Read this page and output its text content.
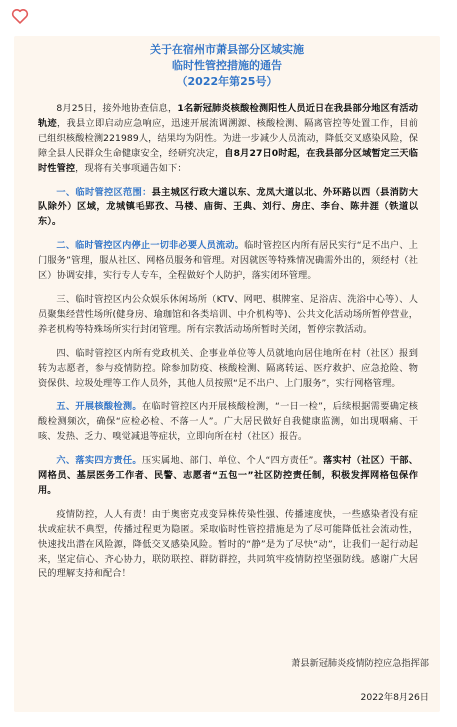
关于在宿州市萧县部分区域实施
临时性管控措施的通告
（2022年第25号）

8月25日，接外地协查信息，1名新冠肺炎核酸检测阳性人员近日在我县部分地区有活动轨迹，我县立即启动应急响应，迅速开展流调溯源、核酸检测、隔离管控等处置工作，目前已组织核酸检测221989人，结果均为阴性。为进一步减少人员流动，降低交叉感染风险，保障全县人民群众生命健康安全，经研究决定，自8月27日0时起，在我县部分区域暂定三天临时性管控，现将有关事项通告如下：

一、临时管控区范围：县主城区行政大道以东、龙凤大道以北、外环路以西（县消防大队除外）区域，龙城镇毛郢孜、马楼、庙街、王典、刘行、房庄、李台、陈井涯（铁道以东）。

二、临时管控区内停止一切非必要人员流动。临时管控区内所有居民实行“足不出户、上门服务”管理，服从社区、网格员服务和管理。对因就医等特殊情况确需外出的，须经村（社区）协调安排，实行专人专车，全程做好个人防护，落实闭环管理。

三、临时管控区内公众娱乐休闲场所（KTV、网吧、棋牌室、足浴店、洗浴中心等）、人员聚集经营性场所(健身房、瑜珈馆和各类培训、中介机构等)、公共文化活动场所暂停营业，养老机构等特殊场所实行封闭管理。所有宗教活动场所暂时关闭，暂停宗教活动。

四、临时管控区内所有党政机关、企事业单位等人员就地向居住地所在村（社区）报到转为志愿者，参与疫情防控。除参加防疫、核酸检测、隔离转运、医疗救护、应急抢险、物资保供、垃圾处理等工作人员外，其他人员按照“足不出户、上门服务”，实行网格管理。

五、开展核酸检测。在临时管控区内开展核酸检测，“一日一检”，后续根据需要确定核酸检测频次，确保“应检必检、不落一人”。广大居民做好自我健康监测，如出现咽痛、干咳、发热、乏力、嗅觉减退等症状，立即向所在村（社区）报告。

六、落实四方责任。压实属地、部门、单位、个人“四方责任”。落实村（社区）干部、网格员、基层医务工作者、民警、志愿者“五包一”社区防控责任制，积极发挥网格包保作用。

疫情防控，人人有责！由于奥密克戎变异株传染性强、传播速度快，一些感染者没有症状或症状不典型，传播过程更为隐匿。采取临时性管控措施是为了尽可能降低社会流动性，快速找出潜在风险源，降低交叉感染风险。暂时的“静”是为了尽快“动”，让我们一起行动起来，坚定信心、齐心协力，联防联控、群防群控，共同筑牢疫情防控坚强防线。感谢广大居民的理解支持和配合！

萧县新冠肺炎疫情防控应急指挥部
2022年8月26日
